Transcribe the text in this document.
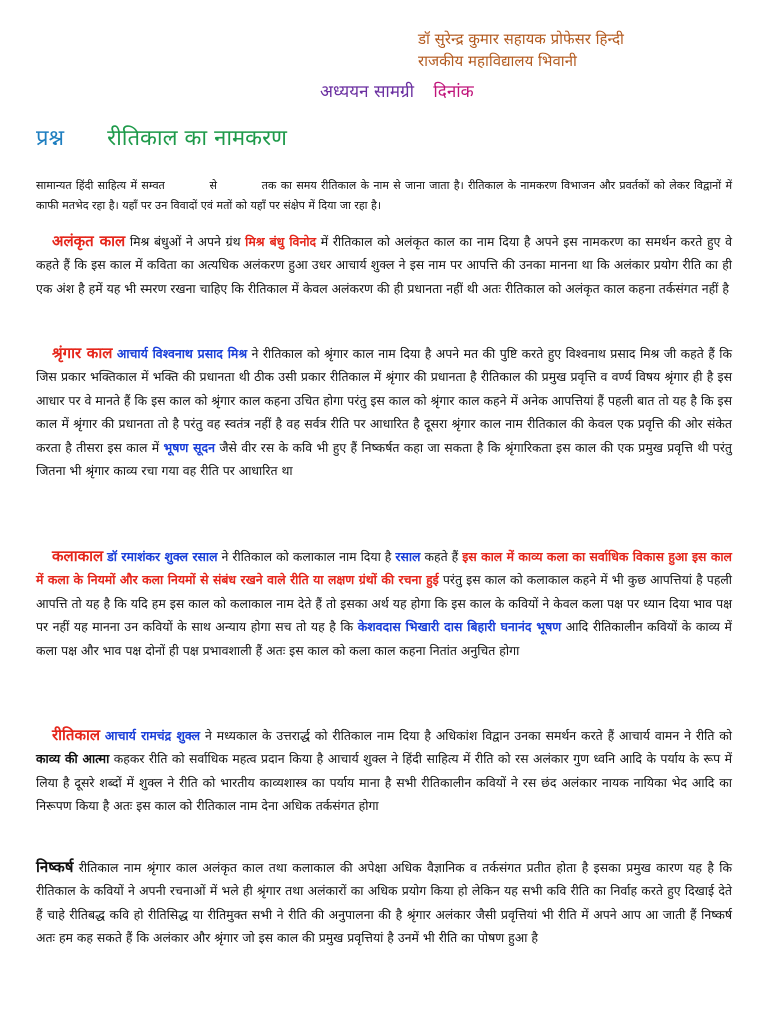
डॉ सुरेन्द्र कुमार सहायक प्रोफेसर हिन्दी
राजकीय महाविद्यालय भिवानी
अध्ययन सामग्री दिनांक
प्रश्न रीतिकाल का नामकरण
सामान्यत हिंदी साहित्य में सम्वत	से	तक का समय रीतिकाल के नाम से जाना जाता है। रीतिकाल के नामकरण विभाजन और प्रवर्तकों को लेकर विद्वानों में काफी मतभेद रहा है। यहाँ पर उन विवादों एवं मतों को यहाँ पर संक्षेप में दिया जा रहा है।
अलंकृत काल मिश्र बंधुओं ने अपने ग्रंथ मिश्र बंधु विनोद में रीतिकाल को अलंकृत काल का नाम दिया है अपने इस नामकरण का समर्थन करते हुए वे कहते हैं कि इस काल में कविता का अत्यधिक अलंकरण हुआ उधर आचार्य शुक्ल ने इस नाम पर आपत्ति की उनका मानना था कि अलंकार प्रयोग रीति का ही एक अंश है हमें यह भी स्मरण रखना चाहिए कि रीतिकाल में केवल अलंकरण की ही प्रधानता नहीं थी अतः रीतिकाल को अलंकृत काल कहना तर्कसंगत नहीं है
श्रृंगार काल आचार्य विश्वनाथ प्रसाद मिश्र ने रीतिकाल को श्रृंगार काल नाम दिया है अपने मत की पुष्टि करते हुए विश्वनाथ प्रसाद मिश्र जी कहते हैं कि जिस प्रकार भक्तिकाल में भक्ति की प्रधानता थी ठीक उसी प्रकार रीतिकाल में श्रृंगार की प्रधानता है रीतिकाल की प्रमुख प्रवृत्ति व वर्ण्य विषय श्रृंगार ही है इस आधार पर वे मानते हैं कि इस काल को श्रृंगार काल कहना उचित होगा परंतु इस काल को श्रृंगार काल कहने में अनेक आपत्तियां हैं पहली बात तो यह है कि इस काल में श्रृंगार की प्रधानता तो है परंतु वह स्वतंत्र नहीं है वह सर्वत्र रीति पर आधारित है दूसरा श्रृंगार काल नाम रीतिकाल की केवल एक प्रवृत्ति की ओर संकेत करता है तीसरा इस काल में भूषण सूदन जैसे वीर रस के कवि भी हुए हैं निष्कर्षत कहा जा सकता है कि श्रृंगारिकता इस काल की एक प्रमुख प्रवृत्ति थी परंतु जितना भी श्रृंगार काव्य रचा गया वह रीति पर आधारित था
कलाकाल डॉ रमाशंकर शुक्ल रसाल ने रीतिकाल को कलाकाल नाम दिया है रसाल कहते हैं इस काल में काव्य कला का सर्वाधिक विकास हुआ इस काल में कला के नियमों और कला नियमों से संबंध रखने वाले रीति या लक्षण ग्रंथों की रचना हुई परंतु इस काल को कलाकाल कहने में भी कुछ आपत्तियां है पहली आपत्ति तो यह है कि यदि हम इस काल को कलाकाल नाम देते हैं तो इसका अर्थ यह होगा कि इस काल के कवियों ने केवल कला पक्ष पर ध्यान दिया भाव पक्ष पर नहीं यह मानना उन कवियों के साथ अन्याय होगा सच तो यह है कि केशवदास भिखारी दास बिहारी घनानंद भूषण आदि रीतिकालीन कवियों के काव्य में कला पक्ष और भाव पक्ष दोनों ही पक्ष प्रभावशाली हैं अतः इस काल को कला काल कहना नितांत अनुचित होगा
रीतिकाल आचार्य रामचंद्र शुक्ल ने मध्यकाल के उत्तरार्द्ध को रीतिकाल नाम दिया है अधिकांश विद्वान उनका समर्थन करते हैं आचार्य वामन ने रीति को काव्य की आत्मा कहकर रीति को सर्वाधिक महत्व प्रदान किया है आचार्य शुक्ल ने हिंदी साहित्य में रीति को रस अलंकार गुण ध्वनि आदि के पर्याय के रूप में लिया है दूसरे शब्दों में शुक्ल ने रीति को भारतीय काव्यशास्त्र का पर्याय माना है सभी रीतिकालीन कवियों ने रस छंद अलंकार नायक नायिका भेद आदि का निरूपण किया है अतः इस काल को रीतिकाल नाम देना अधिक तर्कसंगत होगा
निष्कर्ष रीतिकाल नाम श्रृंगार काल अलंकृत काल तथा कलाकाल की अपेक्षा अधिक वैज्ञानिक व तर्कसंगत प्रतीत होता है इसका प्रमुख कारण यह है कि रीतिकाल के कवियों ने अपनी रचनाओं में भले ही श्रृंगार तथा अलंकारों का अधिक प्रयोग किया हो लेकिन यह सभी कवि रीति का निर्वाह करते हुए दिखाई देते हैं चाहे रीतिबद्ध कवि हो रीतिसिद्ध या रीतिमुक्त सभी ने रीति की अनुपालना की है श्रृंगार अलंकार जैसी प्रवृत्तियां भी रीति में अपने आप आ जाती हैं निष्कर्ष अतः हम कह सकते हैं कि अलंकार और श्रृंगार जो इस काल की प्रमुख प्रवृत्तियां है उनमें भी रीति का पोषण हुआ है
